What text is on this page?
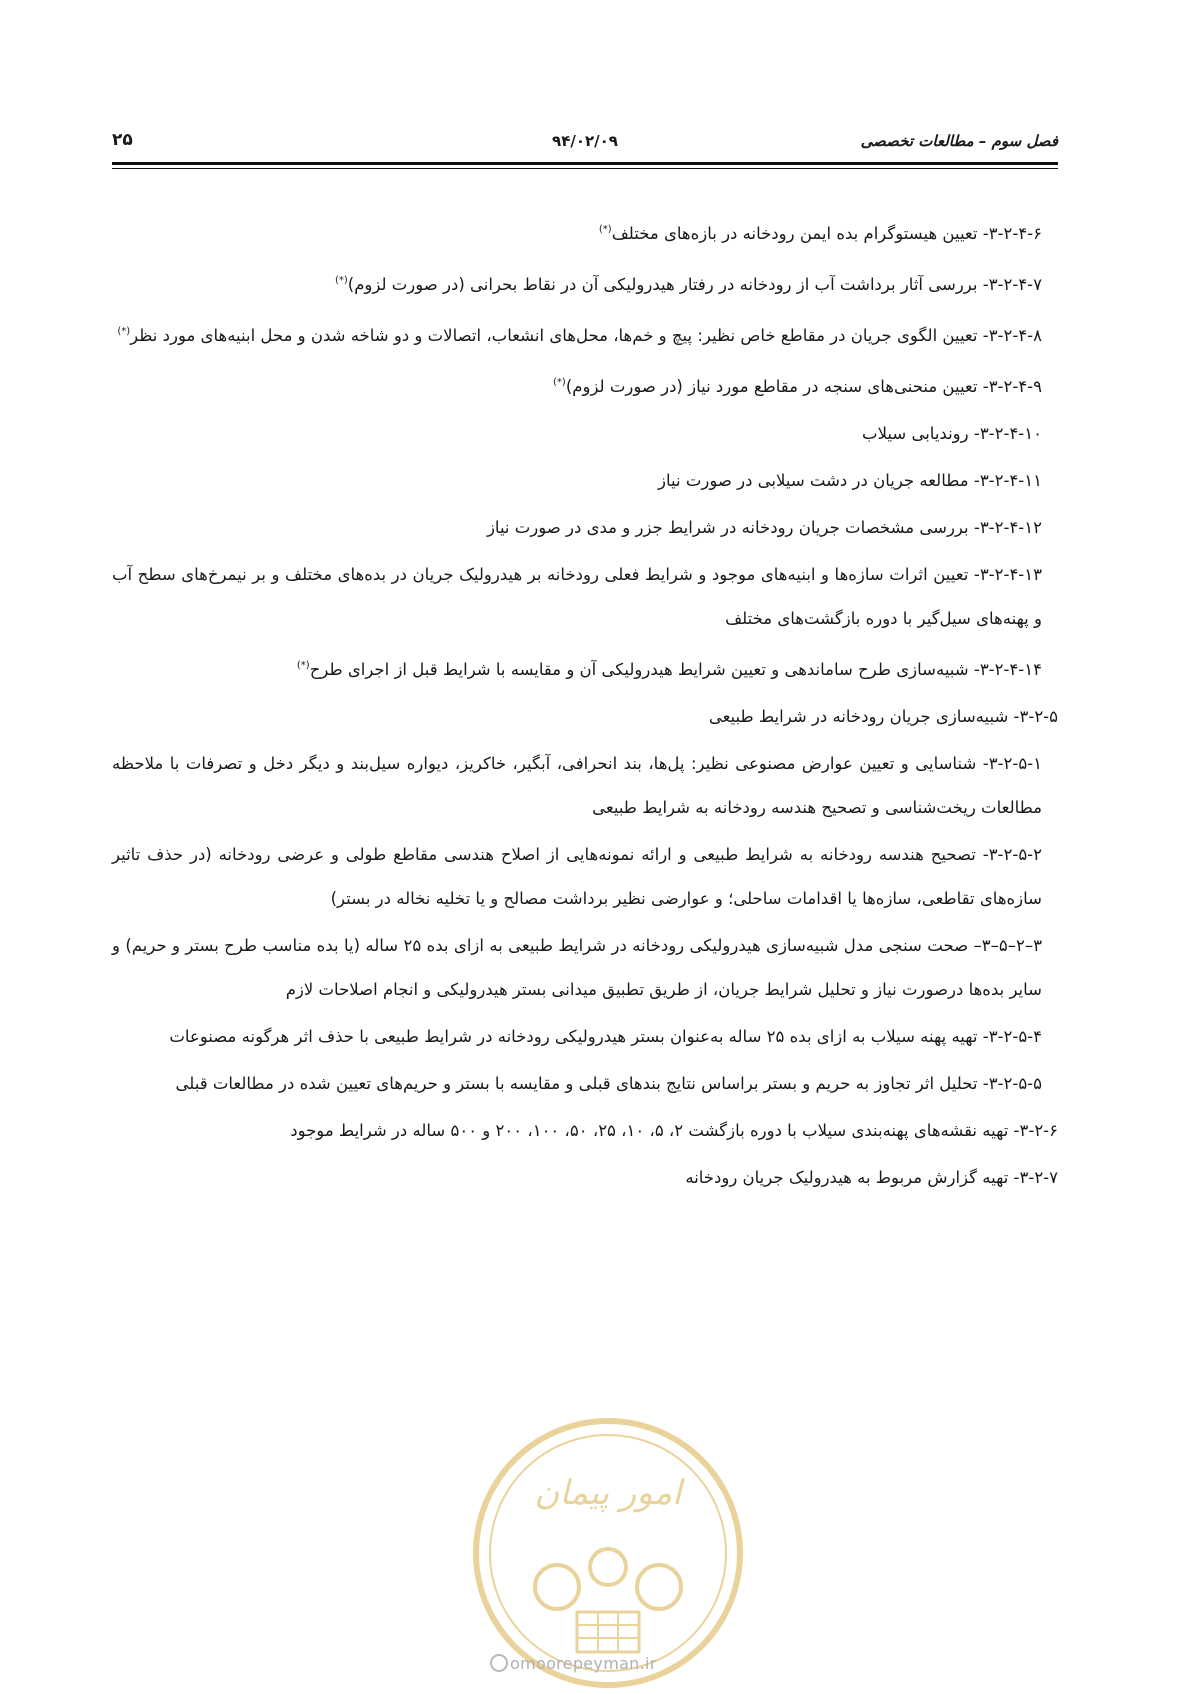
فصل سوم – مطالعات تخصصی
۹۴/۰۲/۰۹
۲۵

۳-۲-۴-۶- تعیین هیستوگرام بده ایمن رودخانه در بازه‌های مختلف(*)

۳-۲-۴-۷- بررسی آثار برداشت آب از رودخانه در رفتار هیدرولیکی آن در نقاط بحرانی (در صورت لزوم)(*)

۳-۲-۴-۸- تعیین الگوی جریان در مقاطع خاص نظیر: پیچ و خم‌ها، محل‌های انشعاب، اتصالات و دو شاخه شدن و محل ابنیه‌های مورد نظر(*)

۳-۲-۴-۹- تعیین منحنی‌های سنجه در مقاطع مورد نیاز (در صورت لزوم)(*)

۳-۲-۴-۱۰- روندیابی سیلاب

۳-۲-۴-۱۱- مطالعه جریان در دشت سیلابی در صورت نیاز

۳-۲-۴-۱۲- بررسی مشخصات جریان رودخانه در شرایط جزر و مدی در صورت نیاز

۳-۲-۴-۱۳- تعیین اثرات سازه‌ها و ابنیه‌های موجود و شرایط فعلی رودخانه بر هیدرولیک جریان در بده‌های مختلف و بر نیمرخ‌های سطح آب و پهنه‌های سیل‌گیر با دوره بازگشت‌های مختلف

۳-۲-۴-۱۴- شبیه‌سازی طرح ساماندهی و تعیین شرایط هیدرولیکی آن و مقایسه با شرایط قبل از اجرای طرح(*)

۳-۲-۵- شبیه‌سازی جریان رودخانه در شرایط طبیعی

۳-۲-۵-۱- شناسایی و تعیین عوارض مصنوعی نظیر: پل‌ها، بند انحرافی، آبگیر، خاکریز، دیواره سیل‌بند و دیگر دخل و تصرفات با ملاحظه مطالعات ریخت‌شناسی و تصحیح هندسه رودخانه به شرایط طبیعی

۳-۲-۵-۲- تصحیح هندسه رودخانه به شرایط طبیعی و ارائه نمونه‌هایی از اصلاح هندسی مقاطع طولی و عرضی رودخانه (در حذف تاثیر سازه‌های تقاطعی، سازه‌ها یا اقدامات ساحلی؛ و عوارضی نظیر برداشت مصالح و یا تخلیه نخاله در بستر)

۳–۲–۵–۳– صحت سنجی مدل شبیه‌سازی هیدرولیکی رودخانه در شرایط طبیعی به ازای بده ۲۵ ساله (یا بده مناسب طرح بستر و حریم) و سایر بده‌ها درصورت نیاز و تحلیل شرایط جریان، از طریق تطبیق میدانی بستر هیدرولیکی و انجام اصلاحات لازم

۳-۲-۵-۴- تهیه پهنه سیلاب به ازای بده ۲۵ ساله به‌عنوان بستر هیدرولیکی رودخانه در شرایط طبیعی با حذف اثر هرگونه مصنوعات

۳-۲-۵-۵- تحلیل اثر تجاوز به حریم و بستر براساس نتایج بندهای قبلی و مقایسه با بستر و حریم‌های تعیین شده در مطالعات قبلی

۳-۲-۶- تهیه نقشه‌های پهنه‌بندی سیلاب با دوره بازگشت ۲، ۵، ۱۰، ۲۵، ۵۰، ۱۰۰، ۲۰۰ و ۵۰۰ ساله در شرایط موجود

۳-۲-۷- تهیه گزارش مربوط به هیدرولیک جریان رودخانه

امور پیمان
omoorepeyman.ir
